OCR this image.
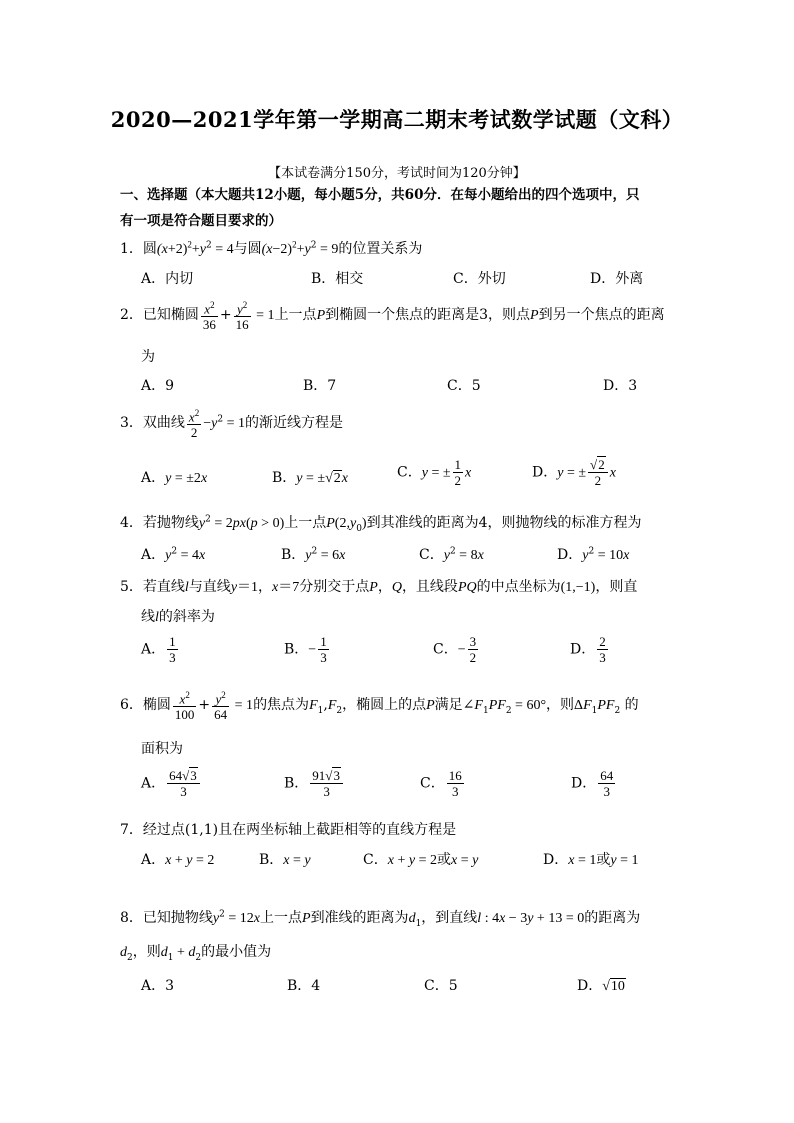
2020—2021学年第一学期高二期末考试数学试题（文科）
【本试卷满分150分，考试时间为120分钟】
一、选择题（本大题共12小题，每小题5分，共60分．在每小题给出的四个选项中，只
有一项是符合题目要求的）
1．圆$(x+2)^2+y^2 = 4$与圆$(x-2)^2+y^2 = 9$的位置关系为
A．内切	B．相交	C．外切	D．外离
2．已知椭圆 $\frac{x^2}{36} + \frac{y^2}{16} = 1$上一点P到椭圆一个焦点的距离是3，则点P到另一个焦点的距离
为
A．9	B．7	C．5	D．3
3．双曲线 $\frac{x^2}{2} -y^2 = 1$的渐近线方程是
A．y = ±2x	B．y = ±√2x	C．y = ± $\frac{1}{2}$ x	D．y = ± $\frac{√2}{2}$ x
4．若抛物线$y^2 = 2px(p > 0)$上一点$P(2,y_0)$到其准线的距离为4，则抛物线的标准方程为
A．$y^2 = 4x$	B．$y^2 = 6x$	C．$y^2 = 8x$	D．$y^2 = 10x$
5．若直线l与直线y＝1，x＝7分别交于点P，Q，且线段PQ的中点坐标为(1,−1)，则直
线l的斜率为
A． $\frac{1}{3}$	B．− $\frac{1}{3}$	C．− $\frac{3}{2}$	D． $\frac{2}{3}$
6．椭圆 $\frac{x^2}{100} + \frac{y^2}{64} = 1$的焦点为$F_1,F_2$，椭圆上的点P满足$\angle F_1PF_2 = 60^\circ$，则$\Delta F_1PF_2$ 的
面积为
A． $\frac{64√3}{3}$	B． $\frac{91√3}{3}$	C． $\frac{16}{3}$	D． $\frac{64}{3}$
7．经过点(1,1)且在两坐标轴上截距相等的直线方程是
A．x + y = 2	B．x = y	C．x + y = 2或x = y	D．x = 1或y = 1
8．已知抛物线$y^2 = 12x$上一点P到准线的距离为$d_1$，到直线l : 4x − 3y + 13 = 0的距离为
$d_2$，则$d_1 + d_2$的最小值为
A．3	B．4	C．5	D．√10
